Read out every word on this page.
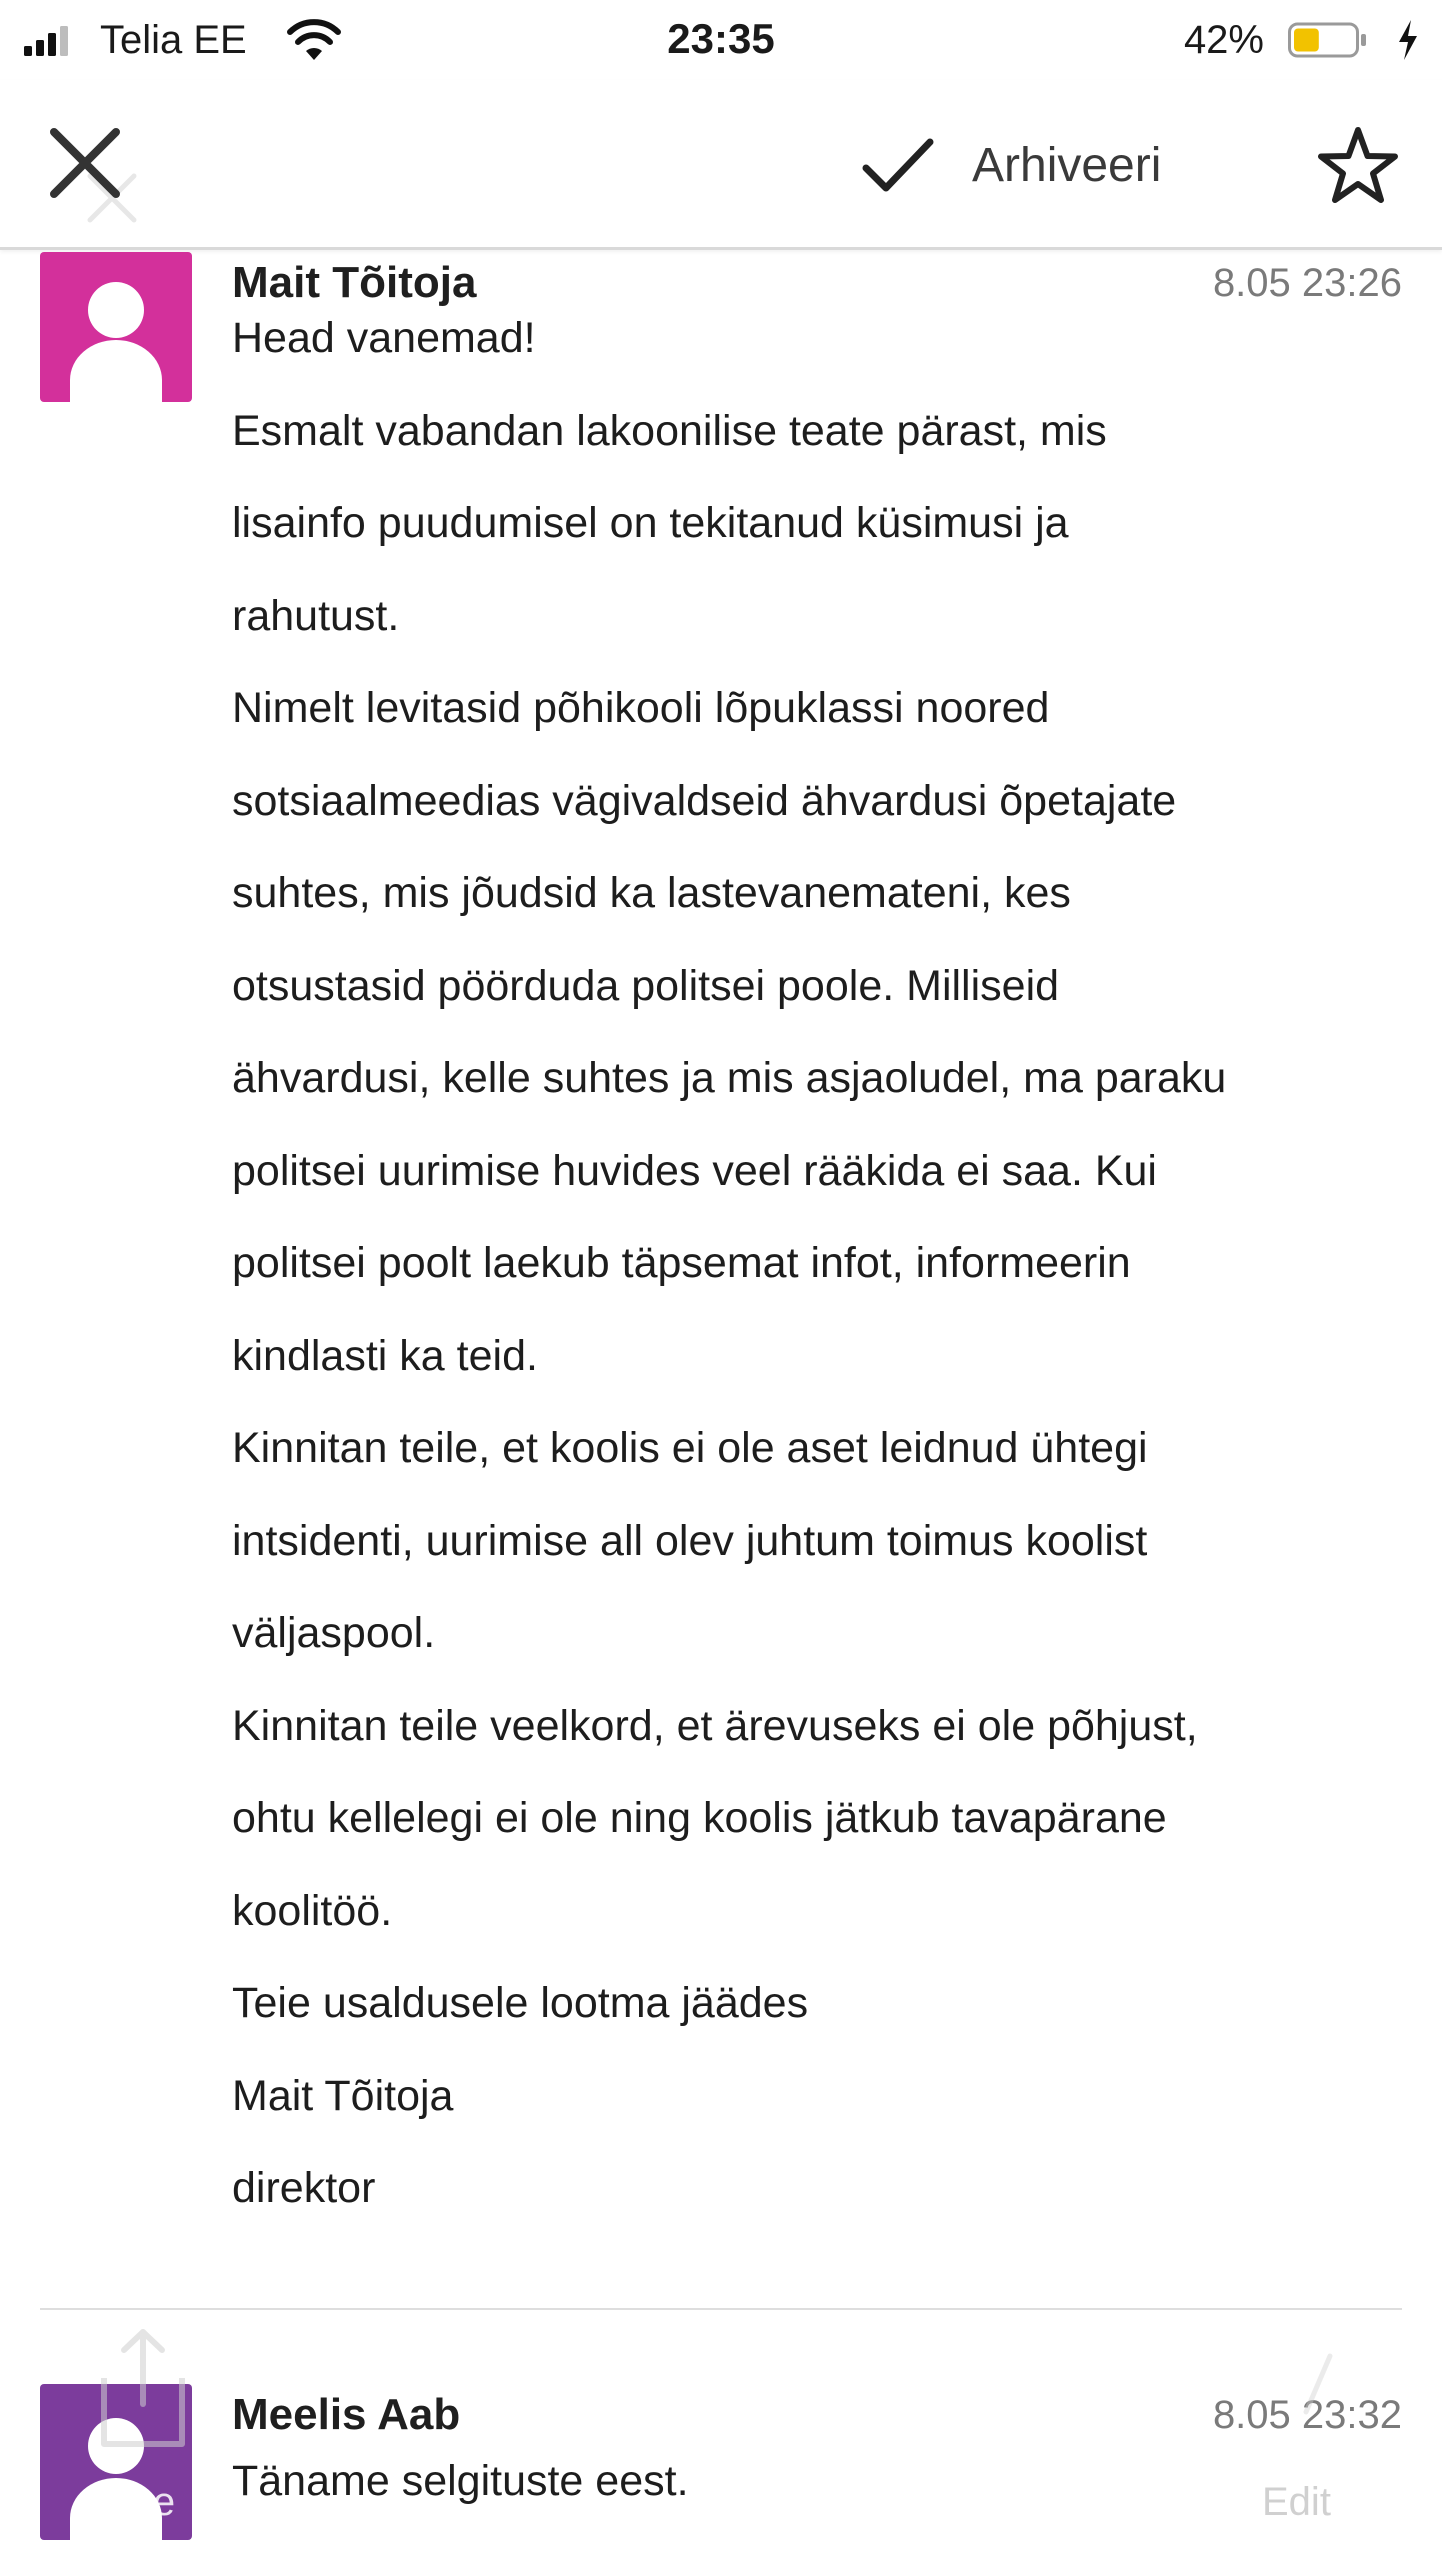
Telia EE	23:35	42%
Arhiveeri
Mait Tõitoja	8.05 23:26
Head vanemad!
Esmalt vabandan lakoonilise teate pärast, mis
lisainfo puudumisel on tekitanud küsimusi ja
rahutust.
Nimelt levitasid põhikooli lõpuklassi noored
sotsiaalmeedias vägivaldseid ähvardusi õpetajate
suhtes, mis jõudsid ka lastevanemateni, kes
otsustasid pöörduda politsei poole. Milliseid
ähvardusi, kelle suhtes ja mis asjaoludel, ma paraku
politsei uurimise huvides veel rääkida ei saa. Kui
politsei poolt laekub täpsemat infot, informeerin
kindlasti ka teid.
Kinnitan teile, et koolis ei ole aset leidnud ühtegi
intsidenti, uurimise all olev juhtum toimus koolist
väljaspool.
Kinnitan teile veelkord, et ärevuseks ei ole põhjust,
ohtu kellelegi ei ole ning koolis jätkub tavapärane
koolitöö.
Teie usaldusele lootma jäädes
Mait Tõitoja
direktor
Meelis Aab	8.05 23:32
Täname selgituste eest.
More	Edit
